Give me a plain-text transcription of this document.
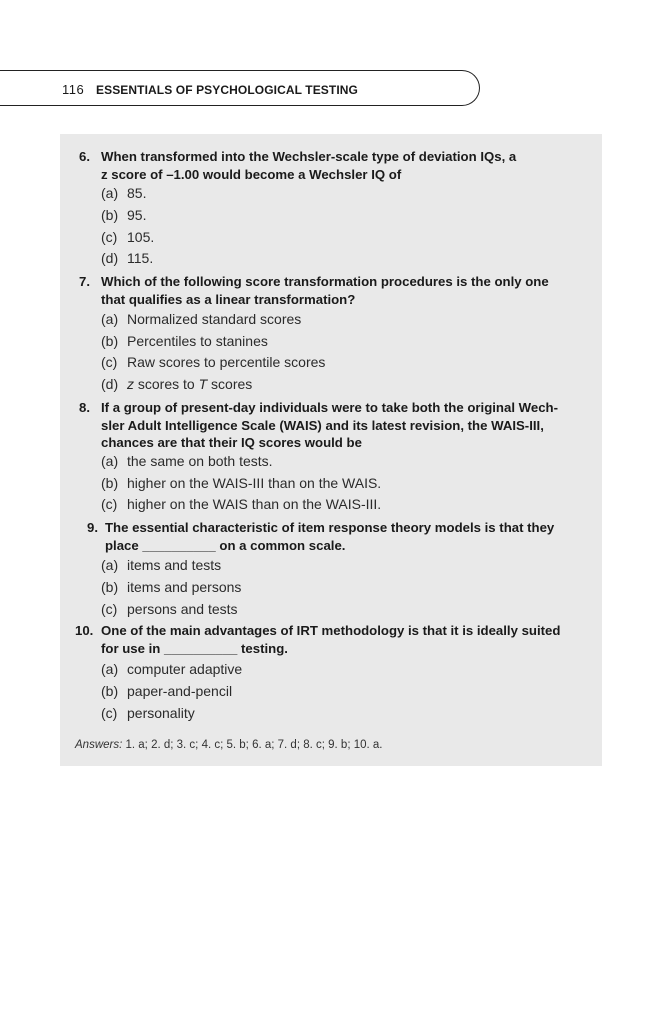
116 ESSENTIALS OF PSYCHOLOGICAL TESTING
6. When transformed into the Wechsler-scale type of deviation IQs, a
z score of –1.00 would become a Wechsler IQ of
(a) 85.
(b) 95.
(c) 105.
(d) 115.
7. Which of the following score transformation procedures is the only one
that qualifies as a linear transformation?
(a) Normalized standard scores
(b) Percentiles to stanines
(c) Raw scores to percentile scores
(d) z scores to T scores
8. If a group of present-day individuals were to take both the original Wech-
sler Adult Intelligence Scale (WAIS) and its latest revision, the WAIS-III,
chances are that their IQ scores would be
(a) the same on both tests.
(b) higher on the WAIS-III than on the WAIS.
(c) higher on the WAIS than on the WAIS-III.
9. The essential characteristic of item response theory models is that they
place __________ on a common scale.
(a) items and tests
(b) items and persons
(c) persons and tests
10. One of the main advantages of IRT methodology is that it is ideally suited
for use in __________ testing.
(a) computer adaptive
(b) paper-and-pencil
(c) personality
Answers: 1. a; 2. d; 3. c; 4. c; 5. b; 6. a; 7. d; 8. c; 9. b; 10. a.
